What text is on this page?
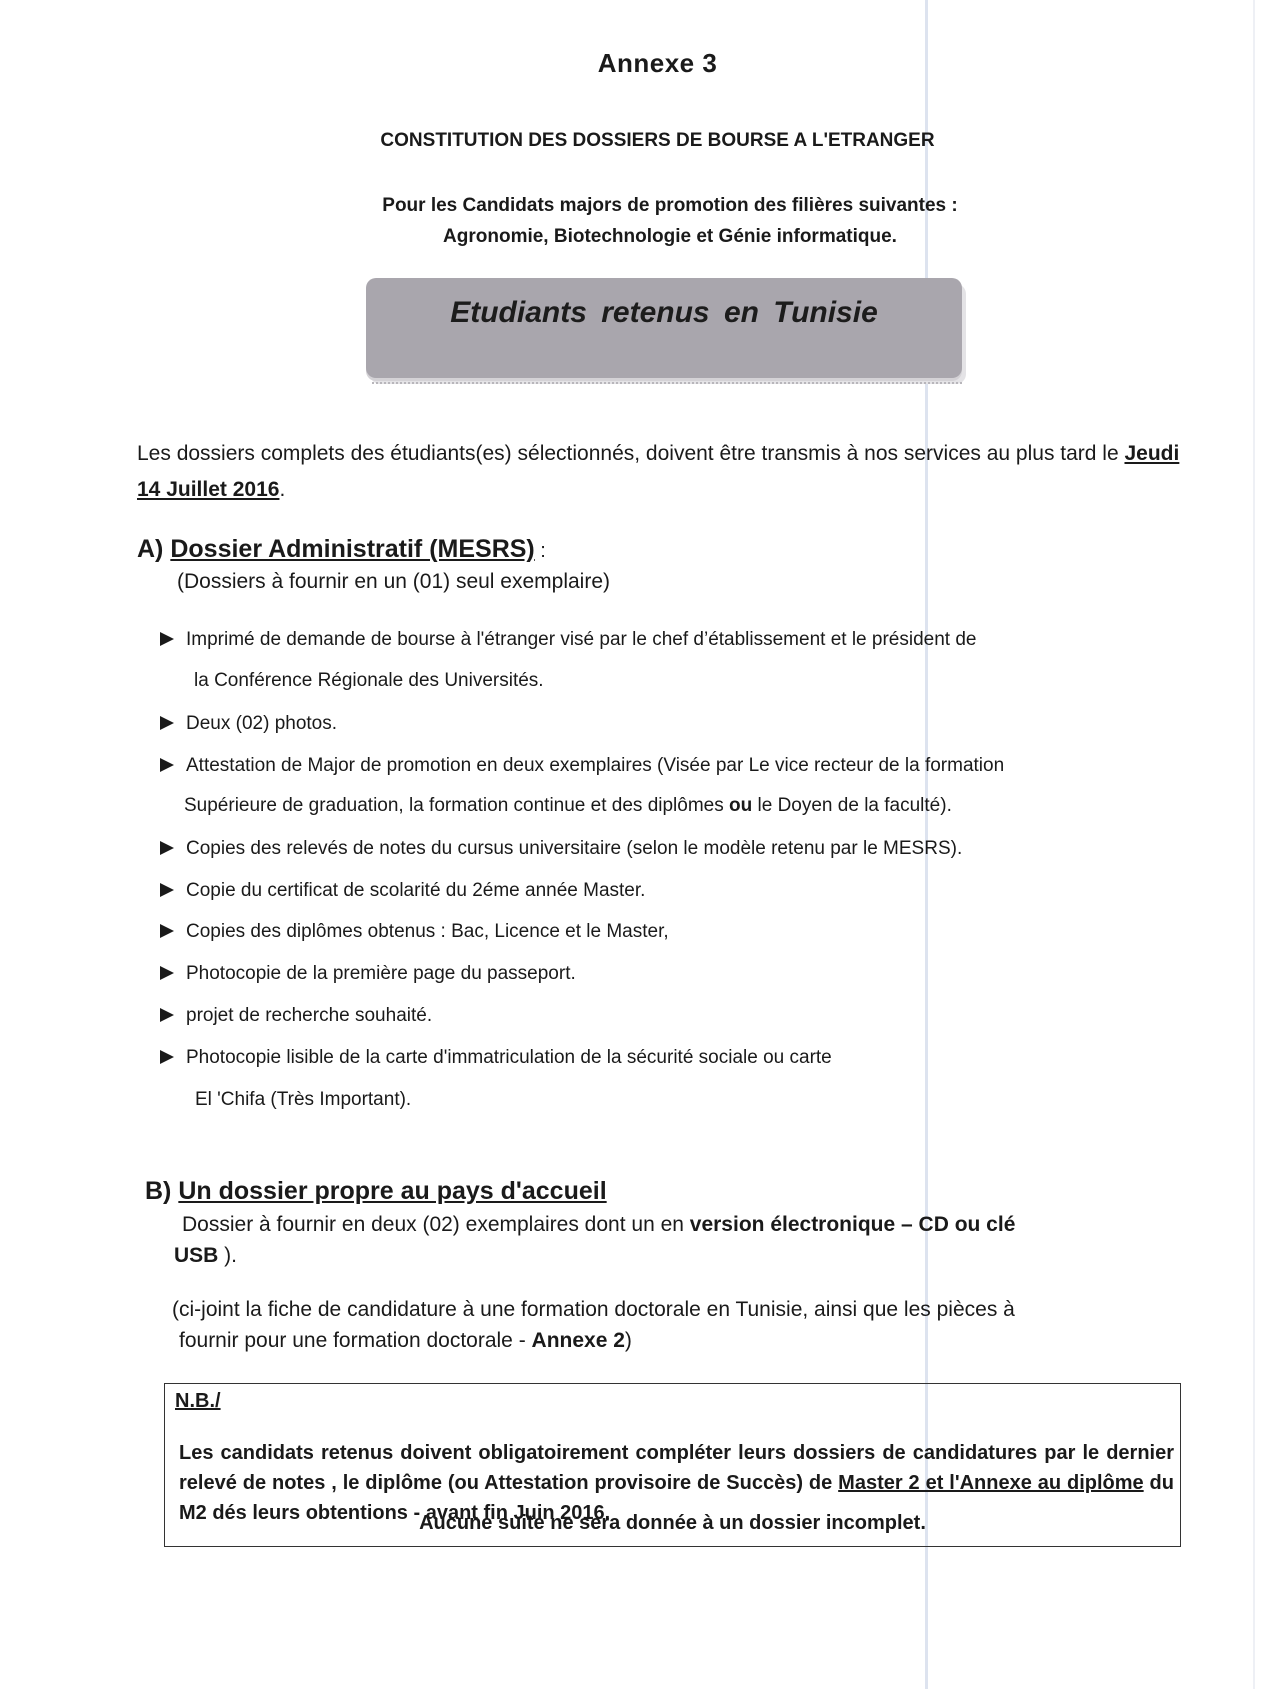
Annexe 3
CONSTITUTION DES DOSSIERS DE BOURSE A L'ETRANGER
Pour les Candidats majors de promotion des filières suivantes :
Agronomie, Biotechnologie et Génie informatique.
Etudiants retenus en Tunisie
Les dossiers complets des étudiants(es) sélectionnés, doivent être transmis à nos services au plus tard le Jeudi 14 Juillet 2016.
A) Dossier Administratif (MESRS) :
(Dossiers à fournir en un (01) seul exemplaire)
Imprimé de demande de bourse à l'étranger visé par le chef d’établissement et le président de
la Conférence Régionale des Universités.
Deux (02) photos.
Attestation de Major de promotion en deux exemplaires (Visée par Le vice recteur de la formation
Supérieure de graduation, la formation continue et des diplômes ou le Doyen de la faculté).
Copies des relevés de notes du cursus universitaire (selon le modèle retenu par le MESRS).
Copie du certificat de scolarité du 2éme année Master.
Copies des diplômes obtenus : Bac, Licence et le Master,
Photocopie de la première page du passeport.
projet de recherche souhaité.
Photocopie lisible de la carte d'immatriculation de la sécurité sociale ou carte
El 'Chifa (Très Important).
B) Un dossier propre au pays d'accueil
Dossier à fournir en deux (02) exemplaires dont un en version électronique – CD ou clé
USB ).
(ci-joint la fiche de candidature à une formation doctorale en Tunisie, ainsi que les pièces à
fournir pour une formation doctorale - Annexe 2)
N.B./
Les candidats retenus doivent obligatoirement compléter leurs dossiers de candidatures par le dernier relevé de notes , le diplôme (ou Attestation provisoire de Succès) de Master 2 et l'Annexe au diplôme du M2 dés leurs obtentions - avant fin Juin 2016.
Aucune suite ne sera donnée à un dossier incomplet.
